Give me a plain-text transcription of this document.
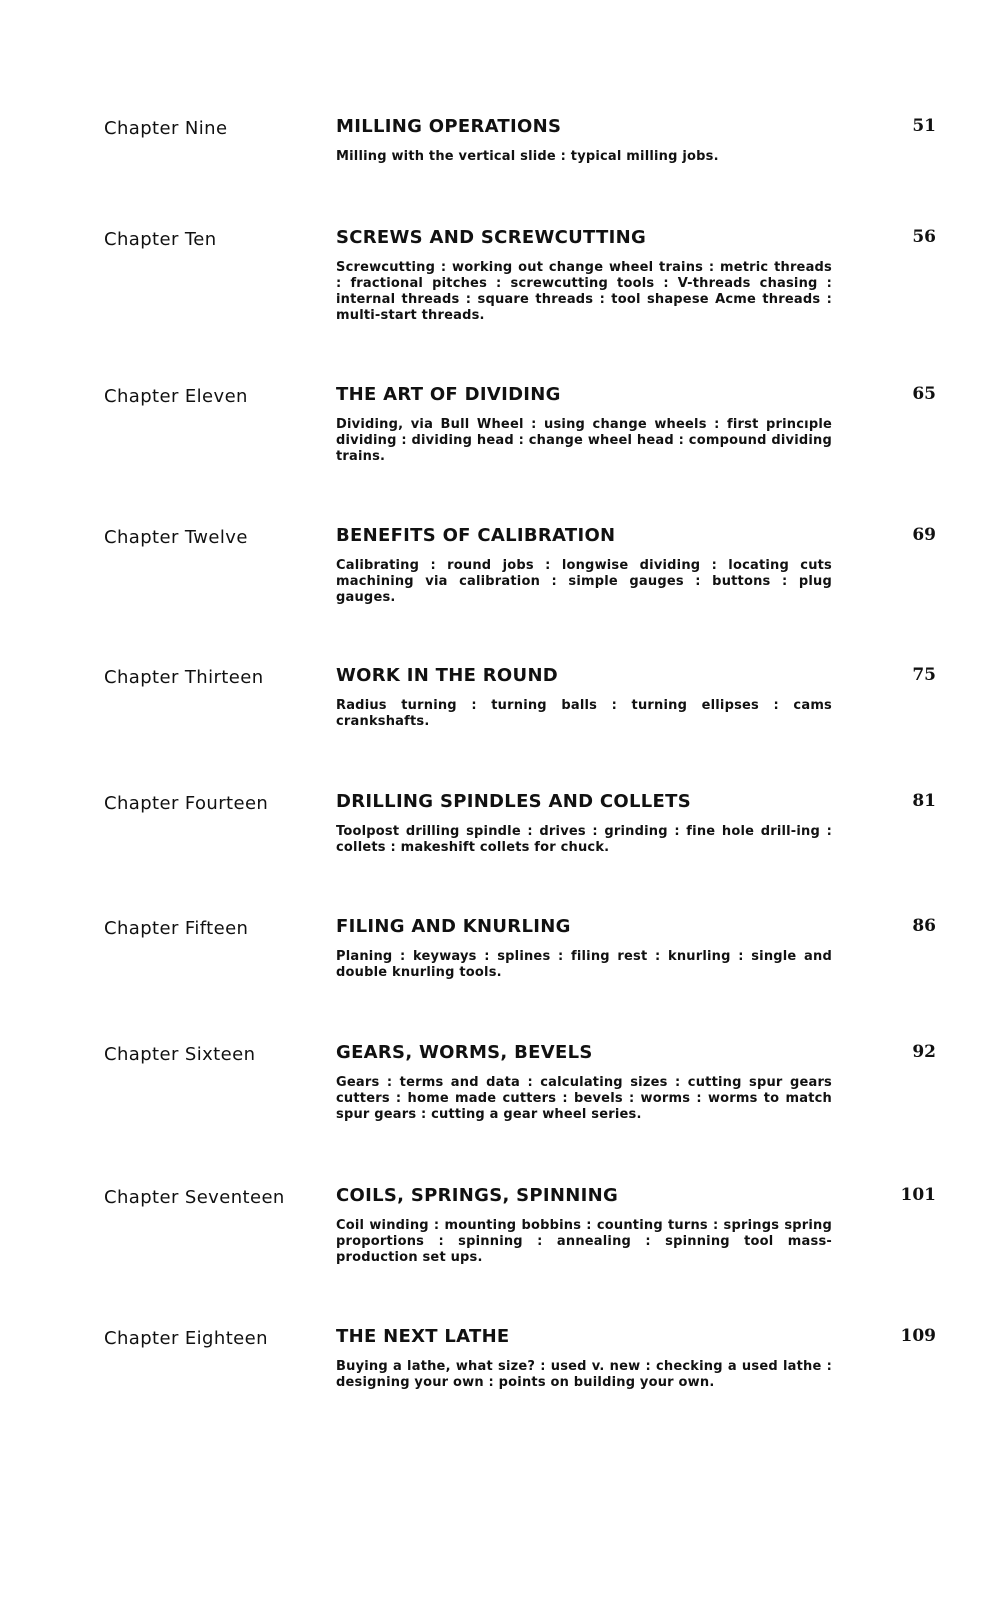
Chapter Nine	MILLING OPERATIONS	51

Milling with the vertical slide : typical milling jobs.

Chapter Ten	SCREWS AND SCREWCUTTING	56

Screwcutting : working out change wheel trains : metric threads : fractional pitches : screwcutting tools : V-threads chasing : internal threads : square threads : tool shapese Acme threads : multi-start threads.

Chapter Eleven	THE ART OF DIVIDING	65

Dividing, via Bull Wheel : using change wheels : first princıple dividing : dividing head : change wheel head : compound dividing trains.

Chapter Twelve	BENEFITS OF CALIBRATION	69

Calibrating : round jobs : longwise dividing : locating cuts machining via calibration : simple gauges : buttons : plug gauges.

Chapter Thirteen	WORK IN THE ROUND	75

Radius turning : turning balls : turning ellipses : cams crankshafts.

Chapter Fourteen	DRILLING SPINDLES AND COLLETS	81

Toolpost drilling spindle : drives : grinding : fine hole drill-ing : collets : makeshift collets for chuck.

Chapter Fifteen	FILING AND KNURLING	86

Planing : keyways : splines : filing rest : knurling : single and double knurling tools.

Chapter Sixteen	GEARS, WORMS, BEVELS	92

Gears : terms and data : calculating sizes : cutting spur gears cutters : home made cutters : bevels : worms : worms to match spur gears : cutting a gear wheel series.

Chapter Seventeen	COILS, SPRINGS, SPINNING	101

Coil winding : mounting bobbins : counting turns : springs spring proportions : spinning : annealing : spinning tool mass-production set ups.

Chapter Eighteen	THE NEXT LATHE	109

Buying a lathe, what size? : used v. new : checking a used lathe : designing your own : points on building your own.
